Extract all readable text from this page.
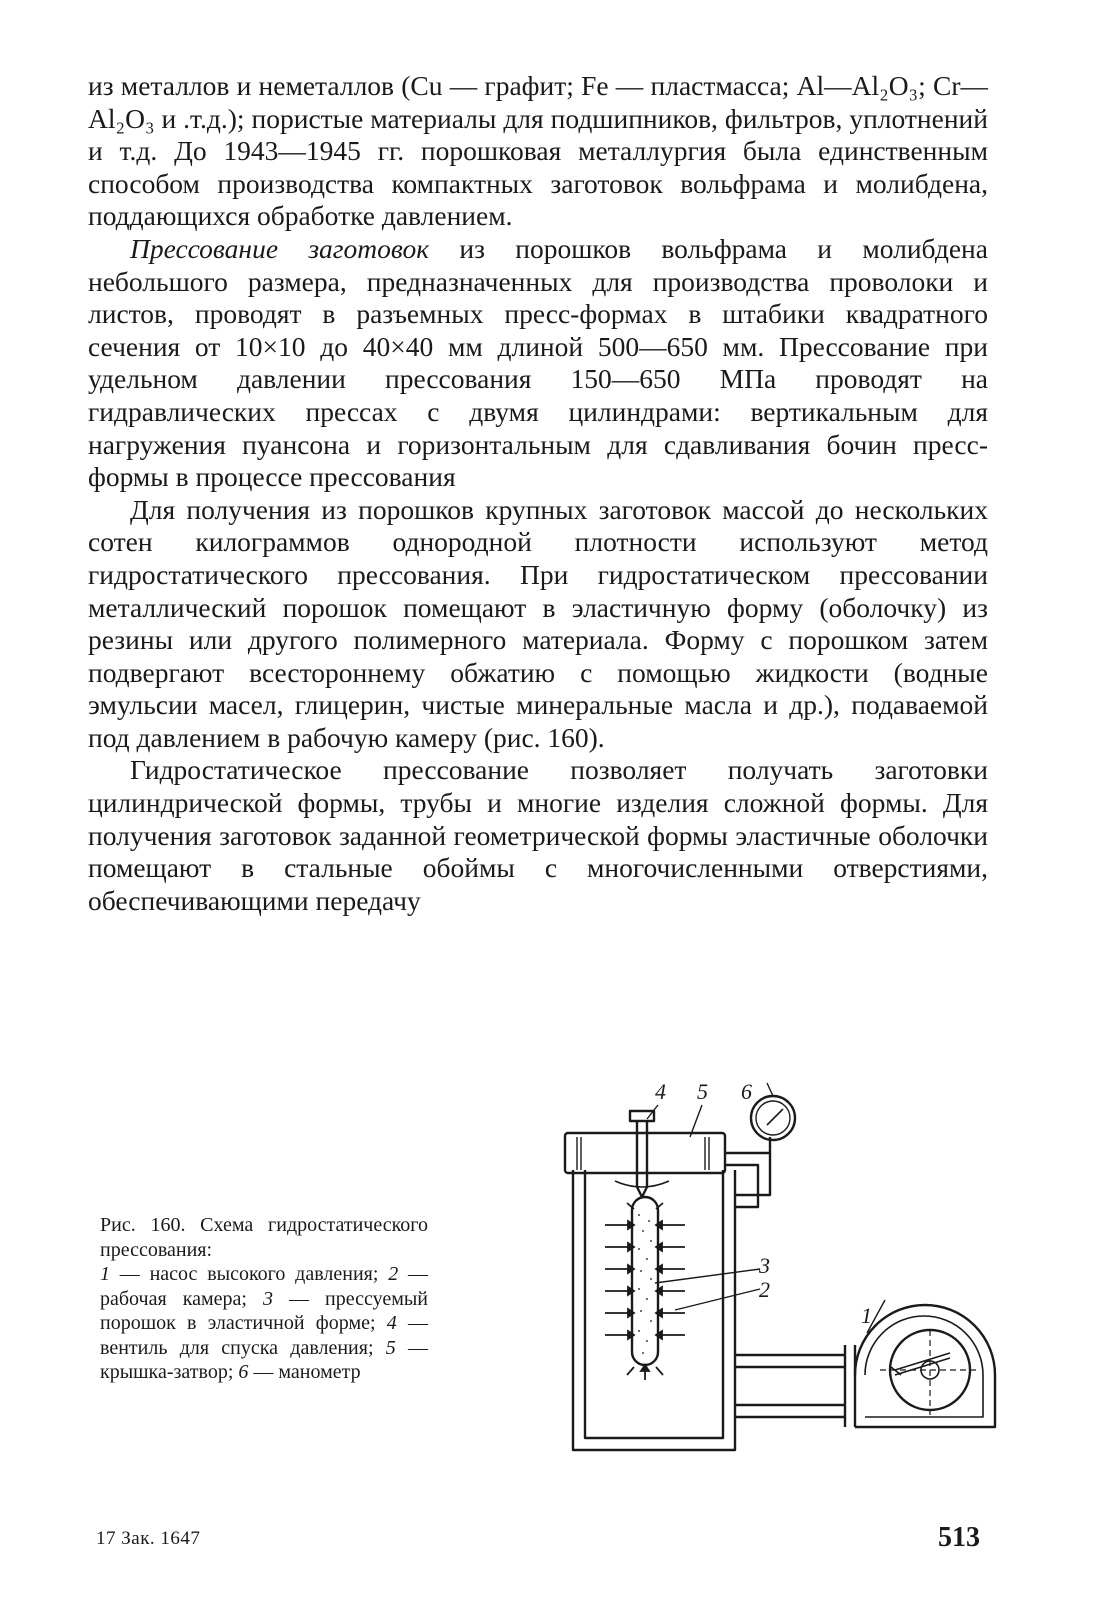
из металлов и неметаллов (Cu — графит; Fe — пластмасса; Al—Al₂O₃; Cr—Al₂O₃ и .т.д.); пористые материалы для подшипников, фильтров, уплотнений и т.д. До 1943—1945 гг. порошковая металлургия была единственным способом производства компактных заготовок вольфрама и молибдена, поддающихся обработке давлением.

Прессование заготовок из порошков вольфрама и молибдена небольшого размера, предназначенных для производства проволоки и листов, проводят в разъемных пресс-формах в штабики квадратного сечения от 10×10 до 40×40 мм длиной 500—650 мм. Прессование при удельном давлении прессования 150—650 МПа проводят на гидравлических прессах с двумя цилиндрами: вертикальным для нагружения пуансона и горизонтальным для сдавливания бочин пресс-формы в процессе прессования

Для получения из порошков крупных заготовок массой до нескольких сотен килограммов однородной плотности используют метод гидростатического прессования. При гидростатическом прессовании металлический порошок помещают в эластичную форму (оболочку) из резины или другого полимерного материала. Форму с порошком затем подвергают всестороннему обжатию с помощью жидкости (водные эмульсии масел, глицерин, чистые минеральные масла и др.), подаваемой под давлением в рабочую камеру (рис. 160).

Гидростатическое прессование позволяет получать заготовки цилиндрической формы, трубы и многие изделия сложной формы. Для получения заготовок заданной геометрической формы эластичные оболочки помещают в стальные обоймы с многочисленными отверстиями, обеспечивающими передачу

Рис. 160. Схема гидростатического прессования:
1 — насос высокого давления; 2 — рабочая камера; 3 — прессуемый порошок в эластичной форме; 4 — вентиль для спуска давления; 5 — крышка-затвор; 6 — манометр
4 5 6
3
2
1
17 Зак. 1647	513
